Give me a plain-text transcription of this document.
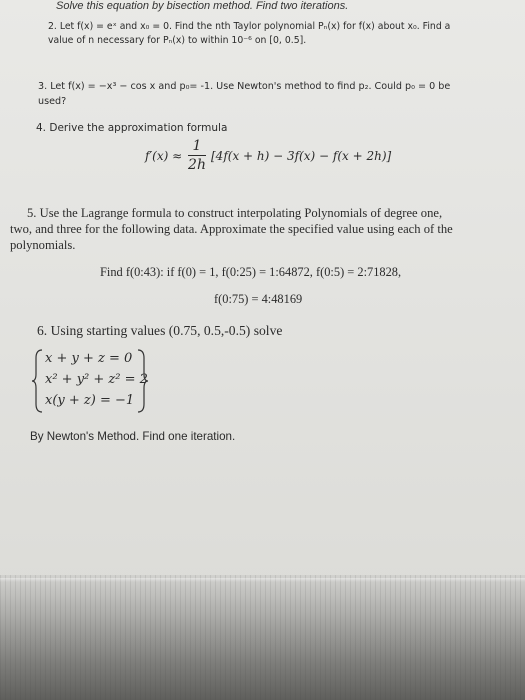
Solve this equation by bisection method. Find two iterations.
2. Let f(x) = eˣ and x₀ = 0. Find the nth Taylor polynomial Pₙ(x) for f(x) about x₀. Find a
value of n necessary for Pₙ(x) to within 10⁻⁶ on [0, 0.5].
3. Let f(x) = −x³ − cos x and p₀= -1. Use Newton's method to find p₂. Could p₀ = 0 be
used?
4. Derive the approximation formula
f′(x) ≈
1
2h
[4f(x + h) − 3f(x) − f(x + 2h)]
5. Use the Lagrange formula to construct interpolating Polynomials of degree one,
two, and three for the following data. Approximate the specified value using each of the
polynomials.
Find f(0:43): if f(0) = 1, f(0:25) = 1:64872, f(0:5) = 2:71828,
f(0:75) = 4:48169
6. Using starting values (0.75, 0.5,-0.5) solve
x + y + z = 0
x² + y² + z² = 2
x(y + z) = −1
By Newton's Method. Find one iteration.
